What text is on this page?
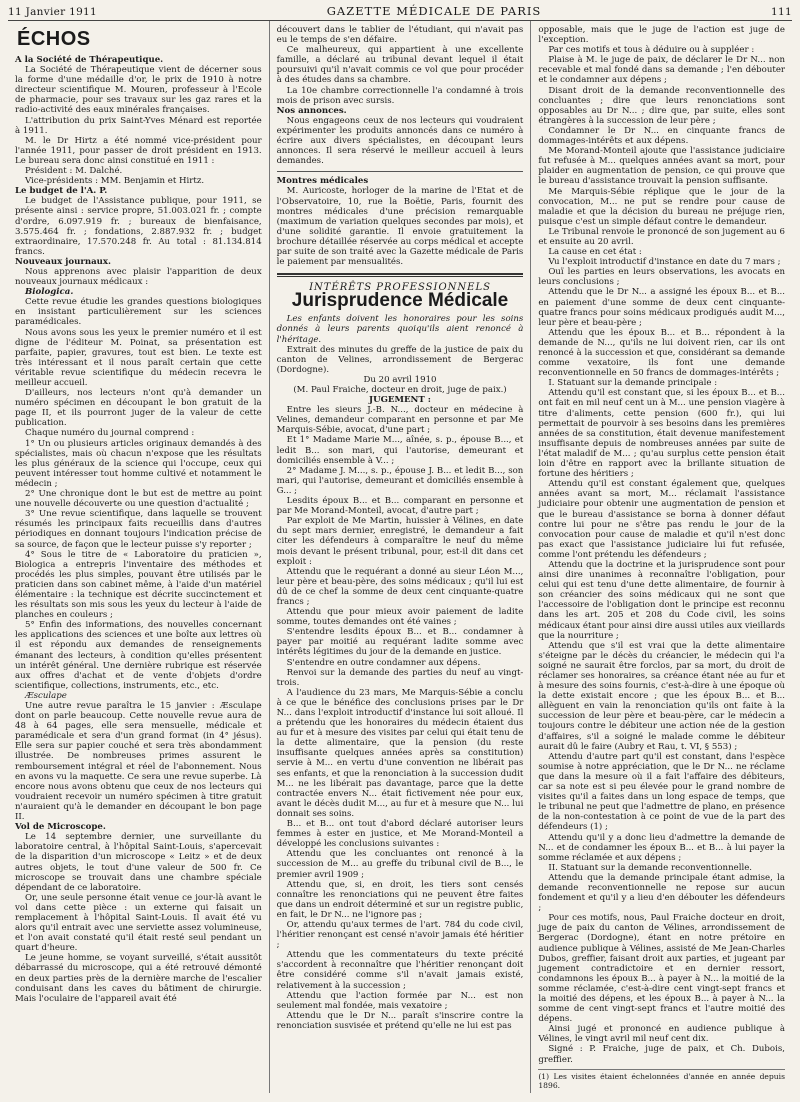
11 Janvier 1911	GAZETTE MÉDICALE DE PARIS	111
ÉCHOS

A la Société de Thérapeutique.

La Société de Thérapeutique vient de décerner sous la forme d'une médaille d'or, le prix de 1910 à notre directeur scientifique M. Mouren, professeur à l'Ecole de pharmacie, pour ses travaux sur les gaz rares et la radio-activité des eaux minérales françaises.

L'attribution du prix Saint-Yves Ménard est reportée à 1911.

M. le Dr Hirtz a été nommé vice-président pour l'année 1911, pour passer de droit président en 1913. Le bureau sera donc ainsi constitué en 1911 :

Président : M. Dalché.

Vice-présidents : MM. Benjamin et Hirtz.

Le budget de l'A. P.

Le budget de l'Assistance publique, pour 1911, se présente ainsi : service propre, 51.003.021 fr. ; compte d'ordre, 6.097.919 fr. ; bureaux de bienfaisance, 3.575.464 fr. ; fondations, 2.887.932 fr. ; budget extraordinaire, 17.570.248 fr. Au total : 81.134.814 francs.

Nouveaux journaux.

Nous apprenons avec plaisir l'apparition de deux nouveaux journaux médicaux :

Biologica.

Cette revue étudie les grandes questions biologiques en insistant particulièrement sur les sciences paramédicales.

Nous avons sous les yeux le premier numéro et il est digne de l'éditeur M. Poinat, sa présentation est parfaite, papier, gravures, tout est bien. Le texte est très intéressant et il nous paraît certain que cette véritable revue scientifique du médecin recevra le meilleur accueil.

D'ailleurs, nos lecteurs n'ont qu'à demander un numéro spécimen en découpant le bon gratuit de la page II, et ils pourront juger de la valeur de cette publication.

Chaque numéro du journal comprend :

1° Un ou plusieurs articles originaux demandés à des spécialistes, mais où chacun n'expose que les résultats les plus généraux de la science qui l'occupe, ceux qui peuvent intéresser tout homme cultivé et notamment le médecin ;

2° Une chronique dont le but est de mettre au point une nouvelle découverte ou une question d'actualité ;

3° Une revue scientifique, dans laquelle se trouvent résumés les principaux faits recueillis dans d'autres périodiques en donnant toujours l'indication précise de sa source, de façon que le lecteur puisse s'y reporter ;

4° Sous le titre de « Laboratoire du praticien », Biologica a entrepris l'inventaire des méthodes et procédés les plus simples, pouvant être utilisés par le praticien dans son cabinet même, à l'aide d'un matériel élémentaire : la technique est décrite succinctement et les résultats son mis sous les yeux du lecteur à l'aide de planches en couleurs ;

5° Enfin des informations, des nouvelles concernant les applications des sciences et une boîte aux lettres où il est répondu aux demandes de renseignements émanant des lecteurs, à condition qu'elles présentent un intérêt général. Une dernière rubrique est réservée aux offres d'achat et de vente d'objets d'ordre scientifique, collections, instruments, etc., etc.

Æsculape

Une autre revue paraîtra le 15 janvier : Æsculape dont on parle beaucoup. Cette nouvelle revue aura de 48 à 64 pages, elle sera mensuelle, médicale et paramédicale et sera d'un grand format (in 4° jésus). Elle sera sur papier couché et sera très abondamment illustrée. De nombreuses primes assurent le remboursement intégral et réel de l'abonnement. Nous en avons vu la maquette. Ce sera une revue superbe. Là encore nous avons obtenu que ceux de nos lecteurs qui voudraient recevoir un numéro spécimen à titre gratuit n'auraient qu'à le demander en découpant le bon page II.

Vol de Microscope.

Le 14 septembre dernier, une surveillante du laboratoire central, à l'hôpital Saint-Louis, s'apercevait de la disparition d'un microscope « Leitz » et de deux autres objets, le tout d'une valeur de 500 fr. Ce microscope se trouvait dans une chambre spéciale dépendant de ce laboratoire.

Or, une seule personne était venue ce jour-là avant le vol dans cette pièce : un externe qui faisait un remplacement à l'hôpital Saint-Louis. Il avait été vu alors qu'il entrait avec une serviette assez volumineuse, et l'on avait constaté qu'il était resté seul pendant un quart d'heure.

Le jeune homme, se voyant surveillé, s'était aussitôt débarrassé du microscope, qui a été retrouvé démonté en deux parties près de la dernière marche de l'escalier conduisant dans les caves du bâtiment de chirurgie. Mais l'oculaire de l'appareil avait été

découvert dans le tablier de l'étudiant, qui n'avait pas eu le temps de s'en défaire.

Ce malheureux, qui appartient à une excellente famille, a déclaré au tribunal devant lequel il était poursuivi qu'il n'avait commis ce vol que pour procéder à des études dans sa chambre.

La 10e chambre correctionnelle l'a condamné à trois mois de prison avec sursis.

Nos annonces.

Nous engageons ceux de nos lecteurs qui voudraient expérimenter les produits annoncés dans ce numéro à écrire aux divers spécialistes, en découpant leurs annonces. Il sera réservé le meilleur accueil à leurs demandes.

Montres médicales

M. Auricoste, horloger de la marine de l'Etat et de l'Observatoire, 10, rue la Boëtie, Paris, fournit des montres médicales d'une précision remarquable (maximum de variation quelques secondes par mois), et d'une solidité garantie. Il envoie gratuitement la brochure détaillée réservée au corps médical et accepte par suite de son traité avec la Gazette médicale de Paris le paiement par mensualités.

INTÉRÊTS PROFESSIONNELS
Jurisprudence Médicale

Les enfants doivent les honoraires pour les soins donnés à leurs parents quoiqu'ils aient renoncé à l'héritage.

Extrait des minutes du greffe de la justice de paix du canton de Velines, arrondissement de Bergerac (Dordogne).

Du 20 avril 1910

(M. Paul Fraiche, docteur en droit, juge de paix.)

JUGEMENT :

Entre les sieurs J.-B. N..., docteur en médecine à Velines, demandeur comparant en personne et par Me Marquis-Sébie, avocat, d'une part ;

Et 1° Madame Marie M..., aînée, s. p., épouse B..., et ledit B... son mari, qui l'autorise, demeurant et domiciliés ensemble à V... ;

2° Madame J. M..., s. p., épouse J. B... et ledit B..., son mari, qui l'autorise, demeurant et domiciliés ensemble à G... ;

Lesdits époux B... et B... comparant en personne et par Me Morand-Monteil, avocat, d'autre part ;

Par exploit de Me Martin, huissier à Vélines, en date du sept mars dernier, enregistré, le demandeur a fait citer les défendeurs à comparaître le neuf du même mois devant le présent tribunal, pour, est-il dit dans cet exploit :

Attendu que le requérant a donné au sieur Léon M..., leur père et beau-père, des soins médicaux ; qu'il lui est dû de ce chef la somme de deux cent cinquante-quatre francs ;

Attendu que pour mieux avoir paiement de ladite somme, toutes demandes ont été vaines ;

S'entendre lesdits époux B... et B... condamner à payer par moitié au requérant ladite somme avec intérêts légitimes du jour de la demande en justice.

S'entendre en outre condamner aux dépens.

Renvoi sur la demande des parties du neuf au vingt-trois.

A l'audience du 23 mars, Me Marquis-Sébie a conclu à ce que le bénéfice des conclusions prises par le Dr N... dans l'exploit introductif d'instance lui soit alloué. Il a prétendu que les honoraires du médecin étaient dus au fur et à mesure des visites par celui qui était tenu de la dette alimentaire, que la pension (du reste insuffisante quelques années après sa constitution) servie à M... en vertu d'une convention ne libérait pas ses enfants, et que la renonciation à la succession dudit M... ne les libérait pas davantage, parce que la dette contractée envers N... était fictivement née pour eux, avant le décès dudit M..., au fur et à mesure que N... lui donnait ses soins.

B... et B... ont tout d'abord déclaré autoriser leurs femmes à ester en justice, et Me Morand-Monteil a développé les conclusions suivantes :

Attendu que les concluantes ont renoncé à la succession de M... au greffe du tribunal civil de B..., le premier avril 1909 ;

Attendu que, si, en droit, les tiers sont censés connaître les renonciations qui ne peuvent être faites que dans un endroit déterminé et sur un registre public, en fait, le Dr N... ne l'ignore pas ;

Or, attendu qu'aux termes de l'art. 784 du code civil, l'héritier renonçant est censé n'avoir jamais été héritier ;

Attendu que les commentateurs du texte précité s'accordent à reconnaître que l'héritier renonçant doit être considéré comme s'il n'avait jamais existé, relativement à la succession ;

Attendu que l'action formée par N... est non seulement mal fondée, mais vexatoire ;

Attendu que le Dr N... paraît s'inscrire contre la renonciation susvisée et prétend qu'elle ne lui est pas

opposable, mais que le juge de l'action est juge de l'exception.

Par ces motifs et tous à déduire ou à suppléer :

Plaise à M. le juge de paix, de déclarer le Dr N... non recevable et mal fondé dans sa demande ; l'en débouter et le condamner aux dépens ;

Disant droit de la demande reconventionnelle des concluantes ; dire que leurs renonciations sont opposables au Dr N... ; dire que, par suite, elles sont étrangères à la succession de leur père ;

Condamner le Dr N... en cinquante francs de dommages-intérêts et aux dépens.

Me Morand-Monteil ajoute que l'assistance judiciaire fut refusée à M... quelques années avant sa mort, pour plaider en augmentation de pension, ce qui prouve que le bureau d'assistance trouvait la pension suffisante.

Me Marquis-Sébie réplique que le jour de la convocation, M... ne put se rendre pour cause de maladie et que la décision du bureau ne préjuge rien, puisque c'est un simple défaut contre le demandeur.

Le Tribunal renvoie le prononcé de son jugement au 6 et ensuite au 20 avril.

La cause en cet état :

Vu l'exploit introductif d'instance en date du 7 mars ;

Ouï les parties en leurs observations, les avocats en leurs conclusions ;

Attendu que le Dr N... a assigné les époux B... et B... en paiement d'une somme de deux cent cinquante-quatre francs pour soins médicaux prodigués audit M..., leur père et beau-père ;

Attendu que les époux B... et B... répondent à la demande de N..., qu'ils ne lui doivent rien, car ils ont renoncé à la succession et que, considérant sa demande comme vexatoire, ils font une demande reconventionnelle en 50 francs de dommages-intérêts ;

I. Statuant sur la demande principale :

Attendu qu'il est constant que, si les époux B... et B... ont fait en mil neuf cent un à M... une pension viagère à titre d'aliments, cette pension (600 fr.), qui lui permettait de pourvoir à ses besoins dans les premières années de sa constitution, était devenue manifestement insuffisante depuis de nombreuses années par suite de l'état maladif de M... ; qu'au surplus cette pension était loin d'être en rapport avec la brillante situation de fortune des héritiers ;

Attendu qu'il est constant également que, quelques années avant sa mort, M... réclamait l'assistance judiciaire pour obtenir une augmentation de pension et que le bureau d'assistance se borna à donner défaut contre lui pour ne s'être pas rendu le jour de la convocation pour cause de maladie et qu'il n'est donc pas exact que l'assistance judiciaire lui fut refusée, comme l'ont prétendu les défendeurs ;

Attendu que la doctrine et la jurisprudence sont pour ainsi dire unanimes à reconnaître l'obligation, pour celui qui est tenu d'une dette alimentaire, de fournir à son créancier des soins médicaux qui ne sont que l'accessoire de l'obligation dont le principe est reconnu dans les art. 205 et 208 du Code civil, les soins médicaux étant pour ainsi dire aussi utiles aux vieillards que la nourriture ;

Attendu que s'il est vrai que la dette alimentaire s'éteigne par le décès du créancier, le médecin qui l'a soigné ne saurait être forclos, par sa mort, du droit de réclamer ses honoraires, sa créance étant née au fur et à mesure des soins fournis, c'est-à-dire à une époque où la dette existait encore ; que les époux B... et B... allèguent en vain la renonciation qu'ils ont faite à la succession de leur père et beau-père, car le médecin a toujours contre le débiteur une action née de la gestion d'affaires, s'il a soigné le malade comme le débiteur aurait dû le faire (Aubry et Rau, t. VI, § 553) ;

Attendu d'autre part qu'il est constant, dans l'espèce soumise à notre appréciation, que le Dr N... ne réclame que dans la mesure où il a fait l'affaire des débiteurs, car sa note est si peu élevée pour le grand nombre de visites qu'il a faites dans un long espace de temps, que le tribunal ne peut que l'admettre de plano, en présence de la non-contestation à ce point de vue de la part des défendeurs (1) ;

Attendu qu'il y a donc lieu d'admettre la demande de N... et de condamner les époux B... et B... à lui payer la somme réclamée et aux dépens ;

II. Statuant sur la demande reconventionnelle.

Attendu que la demande principale étant admise, la demande reconventionnelle ne repose sur aucun fondement et qu'il y a lieu d'en débouter les défendeurs ;

Pour ces motifs, nous, Paul Fraiche docteur en droit, juge de paix du canton de Vélines, arrondissement de Bergerac (Dordogne), étant en notre prétoire en audience publique à Vélines, assisté de Me Jean-Charles Dubos, greffier, faisant droit aux parties, et jugeant par jugement contradictoire et en dernier ressort, condamnons les époux B... à payer à N... la moitié de la somme réclamée, c'est-à-dire cent vingt-sept francs et la moitié des dépens, et les époux B... à payer à N... la somme de cent vingt-sept francs et l'autre moitié des dépens.

Ainsi jugé et prononcé en audience publique à Vélines, le vingt avril mil neuf cent dix.

Signé : P. Fraiche, juge de paix, et Ch. Dubois, greffier.

(1) Les visites étaient échelonnées d'année en année depuis 1896.
